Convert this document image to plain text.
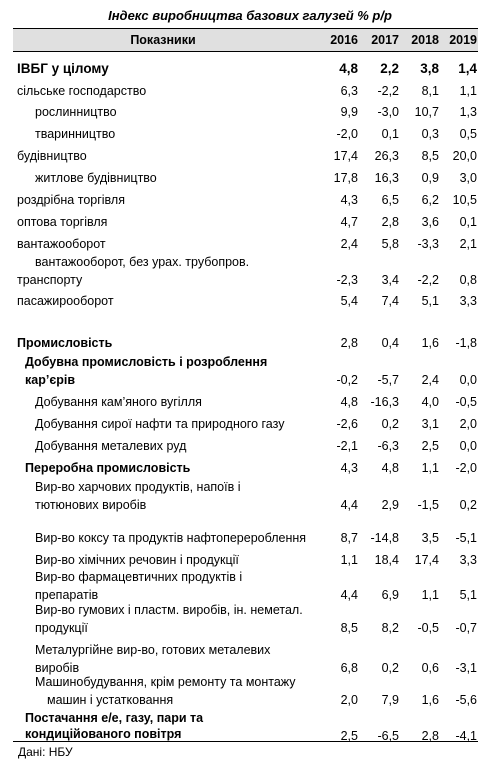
Індекс виробництва базових галузей % р/р
Показники	2016	2017 2018 2019
ІВБГ у цілому	4,8	2,2	3,8	1,4
сільське господарство	6,3	-2,2	8,1	1,1
рослинництво	9,9	-3,0	10,7	1,3
тваринництво	-2,0	0,1	0,3	0,5
будівництво	17,4	26,3	8,5	20,0
житлове будівництво	17,8	16,3	0,9	3,0
роздрібна торгівля	4,3	6,5	6,2	10,5
оптова торгівля	4,7	2,8	3,6	0,1
вантажооборот	2,4	5,8	-3,3	2,1
вантажооборот, без урах. трубопров.
транспорту	-2,3	3,4	-2,2	0,8
пасажирооборот	5,4	7,4	5,1	3,3
Промисловість	2,8	0,4	1,6	-1,8
Добувна промисловість і розроблення
кар’єрів	-0,2	-5,7	2,4	0,0
Добування кам’яного вугілля	4,8	-16,3	4,0	-0,5
Добування сирої нафти та природного газу	-2,6	0,2	3,1	2,0
Добування металевих руд	-2,1	-6,3	2,5	0,0
Переробна промисловість	4,3	4,8	1,1	-2,0
Вир-во харчових продуктів, напоїв і
тютюнових виробів	4,4	2,9	-1,5	0,2
Вир-во коксу та продуктів нафтоперероблення	8,7	-14,8	3,5	-5,1
Вир-во хімічних речовин і продукції	1,1	18,4	17,4	3,3
Вир-во фармацевтичних продуктів і
препаратів	4,4	6,9	1,1	5,1
Вир-во гумових і пластм. виробів, ін. неметал.
продукції	8,5	8,2	-0,5	-0,7
Металургійне вир-во, готових металевих
виробів	6,8	0,2	0,6	-3,1
Машинобудування, крім ремонту та монтажу
машин і устатковання	2,0	7,9	1,6	-5,6
Постачання е/е, газу, пари та
кондиційованого повітря	2,5	-6,5	2,8	-4,1
Дані: НБУ
